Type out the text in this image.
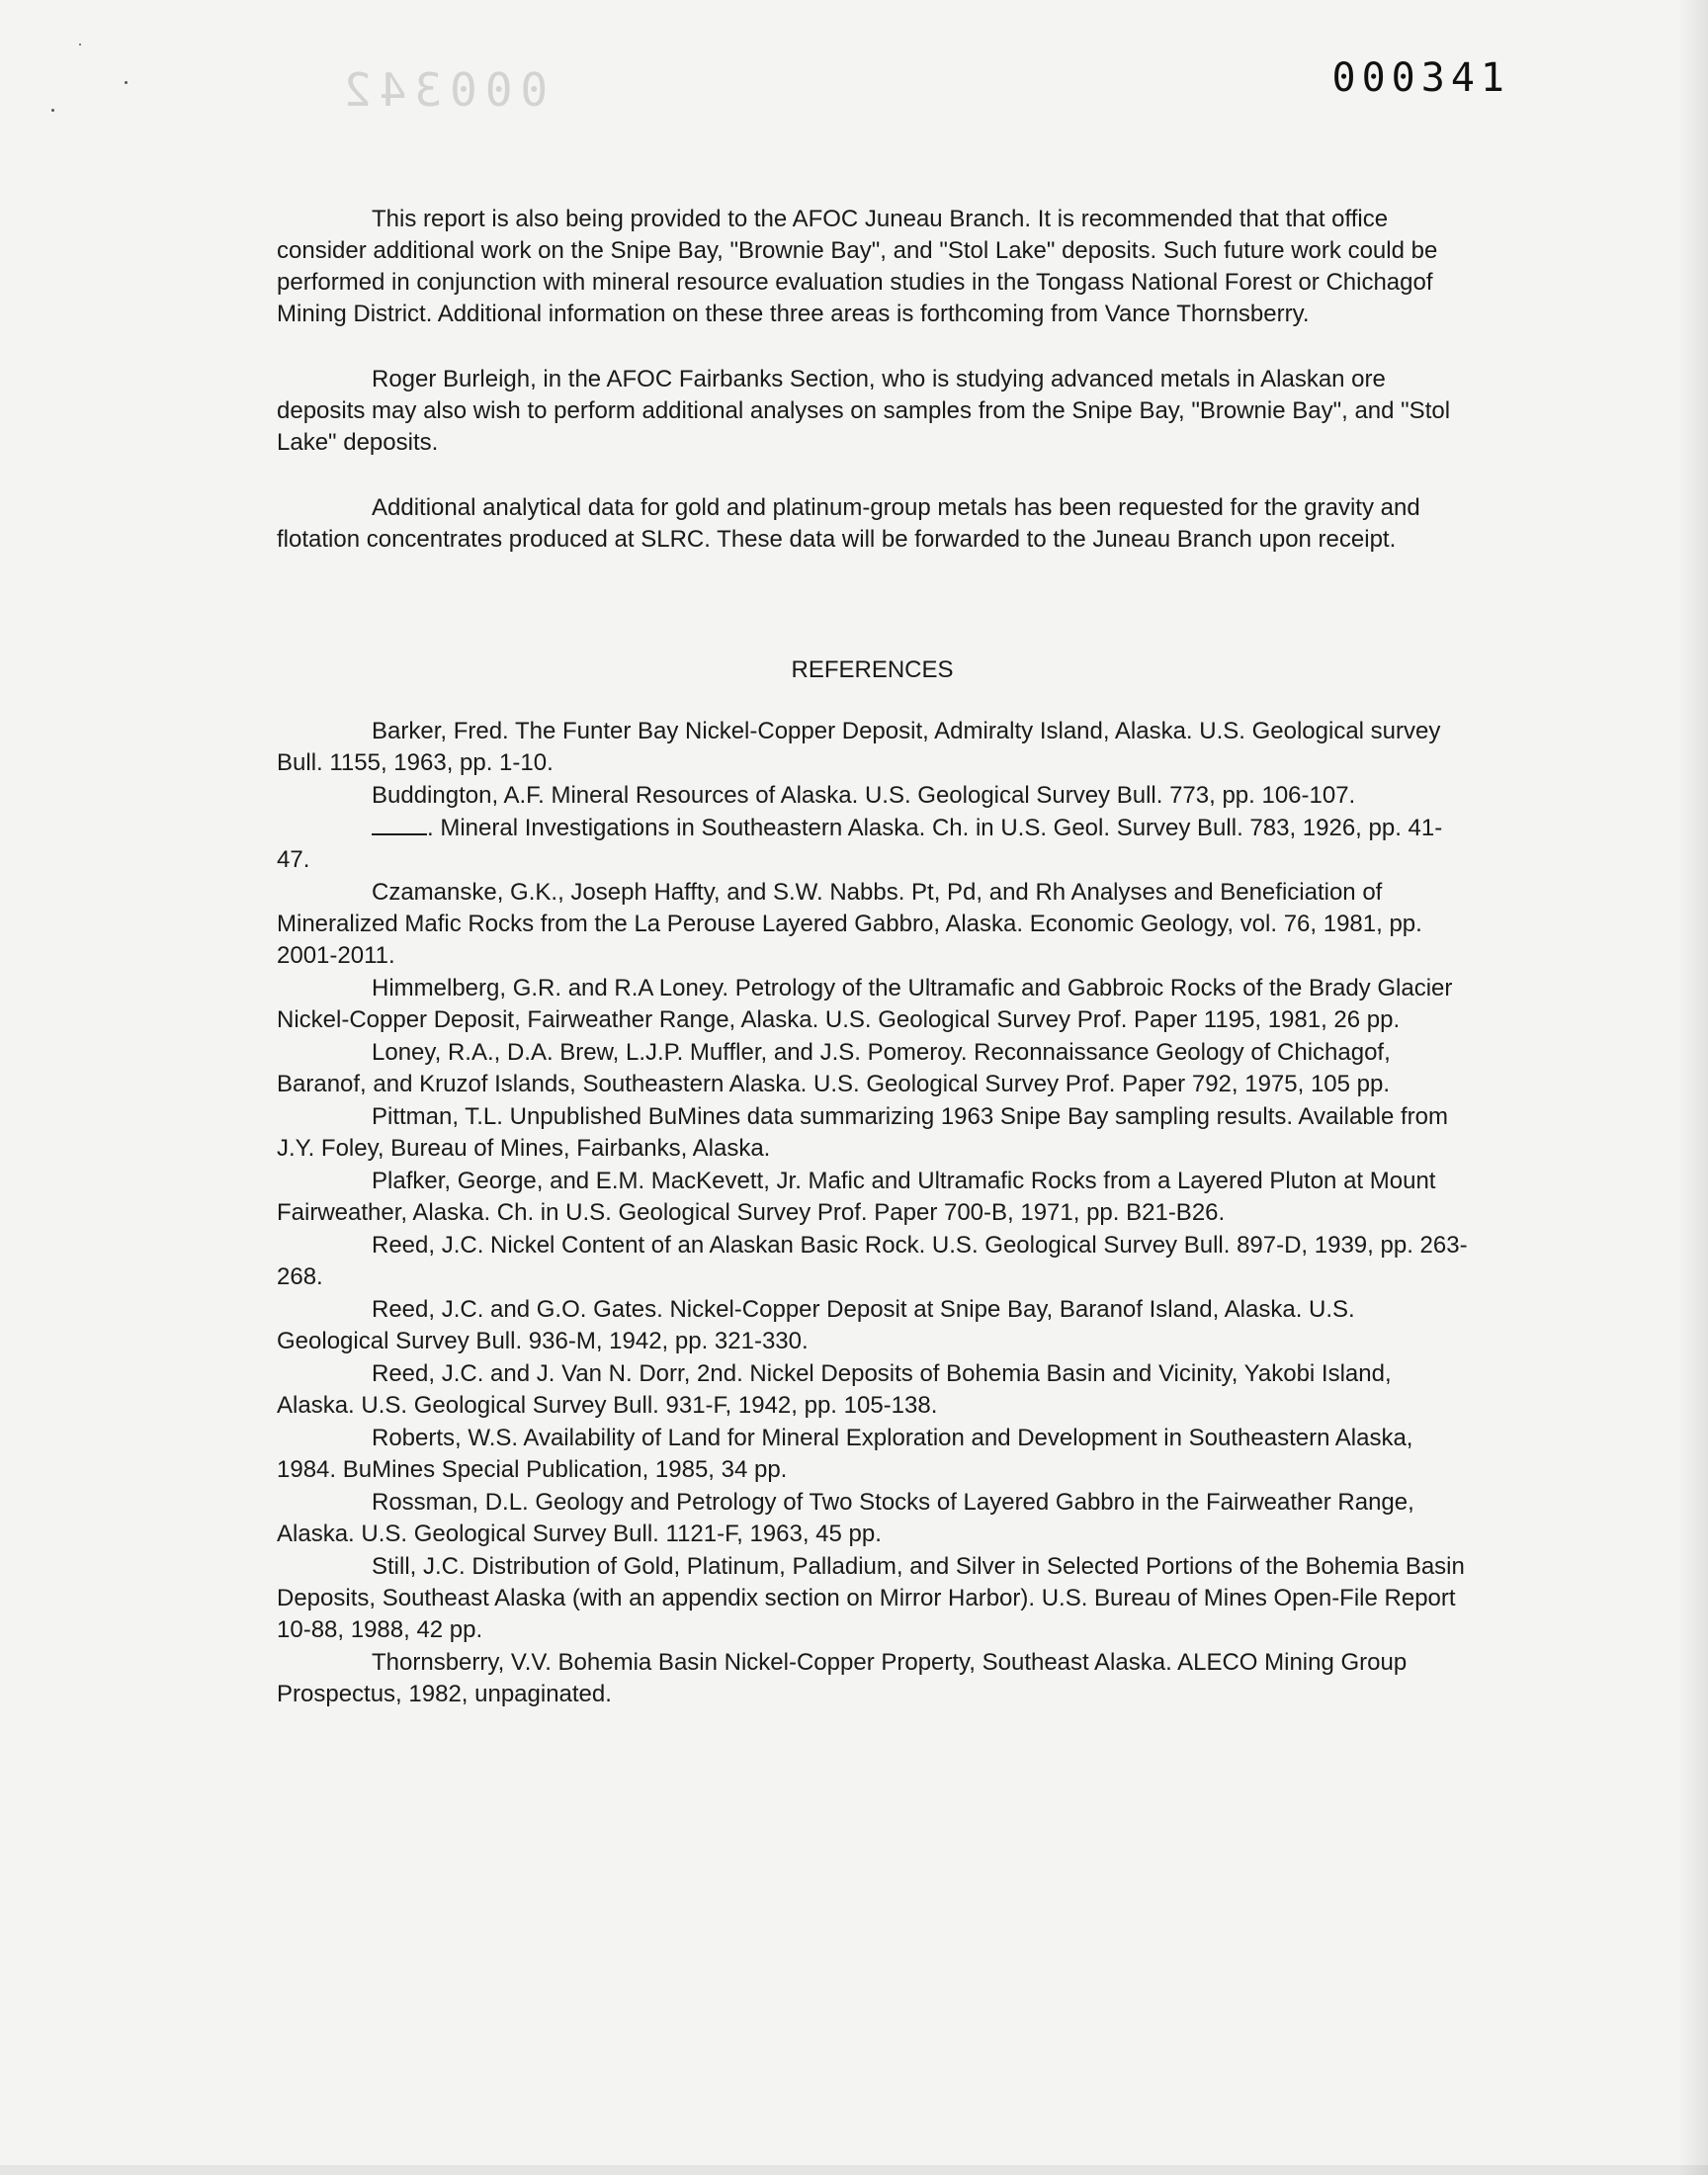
000342	000341

This report is also being provided to the AFOC Juneau Branch. It is recommended that that office consider additional work on the Snipe Bay, "Brownie Bay", and "Stol Lake" deposits. Such future work could be performed in conjunction with mineral resource evaluation studies in the Tongass National Forest or Chichagof Mining District. Additional information on these three areas is forthcoming from Vance Thornsberry.

Roger Burleigh, in the AFOC Fairbanks Section, who is studying advanced metals in Alaskan ore deposits may also wish to perform additional analyses on samples from the Snipe Bay, "Brownie Bay", and "Stol Lake" deposits.

Additional analytical data for gold and platinum-group metals has been requested for the gravity and flotation concentrates produced at SLRC. These data will be forwarded to the Juneau Branch upon receipt.

REFERENCES
Barker, Fred. The Funter Bay Nickel-Copper Deposit, Admiralty Island, Alaska. U.S. Geological survey Bull. 1155, 1963, pp. 1-10.
Buddington, A.F. Mineral Resources of Alaska. U.S. Geological Survey Bull. 773, pp. 106-107.
. Mineral Investigations in Southeastern Alaska. Ch. in U.S. Geol. Survey Bull. 783, 1926, pp. 41-47.
Czamanske, G.K., Joseph Haffty, and S.W. Nabbs. Pt, Pd, and Rh Analyses and Beneficiation of Mineralized Mafic Rocks from the La Perouse Layered Gabbro, Alaska. Economic Geology, vol. 76, 1981, pp. 2001-2011.
Himmelberg, G.R. and R.A Loney. Petrology of the Ultramafic and Gabbroic Rocks of the Brady Glacier Nickel-Copper Deposit, Fairweather Range, Alaska. U.S. Geological Survey Prof. Paper 1195, 1981, 26 pp.
Loney, R.A., D.A. Brew, L.J.P. Muffler, and J.S. Pomeroy. Reconnaissance Geology of Chichagof, Baranof, and Kruzof Islands, Southeastern Alaska. U.S. Geological Survey Prof. Paper 792, 1975, 105 pp.
Pittman, T.L. Unpublished BuMines data summarizing 1963 Snipe Bay sampling results. Available from J.Y. Foley, Bureau of Mines, Fairbanks, Alaska.
Plafker, George, and E.M. MacKevett, Jr. Mafic and Ultramafic Rocks from a Layered Pluton at Mount Fairweather, Alaska. Ch. in U.S. Geological Survey Prof. Paper 700-B, 1971, pp. B21-B26.
Reed, J.C. Nickel Content of an Alaskan Basic Rock. U.S. Geological Survey Bull. 897-D, 1939, pp. 263-268.
Reed, J.C. and G.O. Gates. Nickel-Copper Deposit at Snipe Bay, Baranof Island, Alaska. U.S. Geological Survey Bull. 936-M, 1942, pp. 321-330.
Reed, J.C. and J. Van N. Dorr, 2nd. Nickel Deposits of Bohemia Basin and Vicinity, Yakobi Island, Alaska. U.S. Geological Survey Bull. 931-F, 1942, pp. 105-138.
Roberts, W.S. Availability of Land for Mineral Exploration and Development in Southeastern Alaska, 1984. BuMines Special Publication, 1985, 34 pp.
Rossman, D.L. Geology and Petrology of Two Stocks of Layered Gabbro in the Fairweather Range, Alaska. U.S. Geological Survey Bull. 1121-F, 1963, 45 pp.
Still, J.C. Distribution of Gold, Platinum, Palladium, and Silver in Selected Portions of the Bohemia Basin Deposits, Southeast Alaska (with an appendix section on Mirror Harbor). U.S. Bureau of Mines Open-File Report 10-88, 1988, 42 pp.
Thornsberry, V.V. Bohemia Basin Nickel-Copper Property, Southeast Alaska. ALECO Mining Group Prospectus, 1982, unpaginated.
